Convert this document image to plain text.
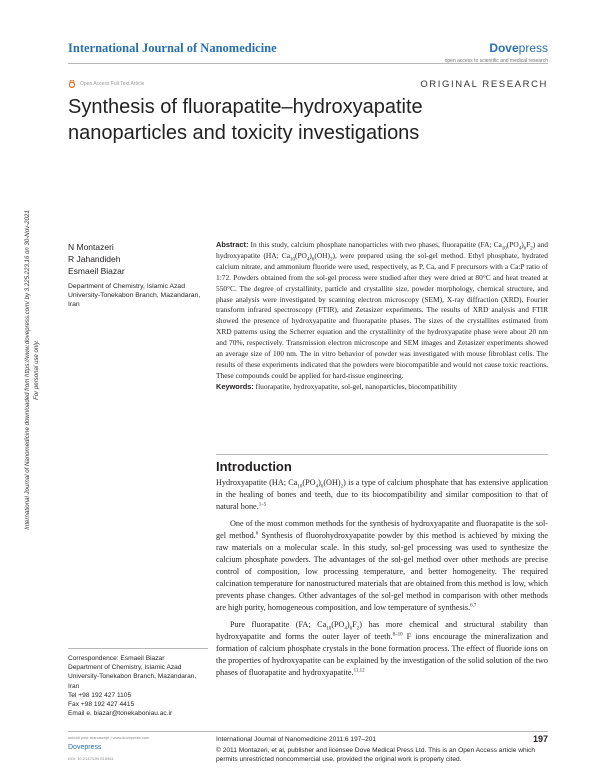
International Journal of Nanomedicine	Dovepress
open access to scientific and medical research
Open Access Full Text Article	ORIGINAL RESEARCH
Synthesis of fluorapatite–hydroxyapatite nanoparticles and toxicity investigations
International Journal of Nanomedicine downloaded from https://www.dovepress.com/ by 3.225.223.16 on 30-Nov-2021 For personal use only.
N Montazeri
R Jahandideh
Esmaeil Biazar
Department of Chemistry, Islamic Azad University-Tonekabon Branch, Mazandaran, Iran
Abstract: In this study, calcium phosphate nanoparticles with two phases, fluorapatite (FA; $Ca_{10}(PO_4)_6F_2$) and hydroxyapatite (HA; $Ca_{10}(PO_4)_6(OH)_2$), were prepared using the sol-gel method. Ethyl phosphate, hydrated calcium nitrate, and ammonium fluoride were used, respectively, as P, Ca, and F precursors with a Ca:P ratio of 1:72. Powders obtained from the sol-gel process were studied after they were dried at 80°C and heat treated at 550°C. The degree of crystallinity, particle and crystallite size, powder morphology, chemical structure, and phase analysis were investigated by scanning electron microscopy (SEM), X-ray diffraction (XRD), Fourier transform infrared spectroscopy (FTIR), and Zetasizer experiments. The results of XRD analysis and FTIR showed the presence of hydroxyapatite and fluorapatite phases. The sizes of the crystallites estimated from XRD patterns using the Scherrer equation and the crystallinity of the hydroxyapatite phase were about 20 nm and 70%, respectively. Transmission electron microscope and SEM images and Zetasizer experiments showed an average size of 100 nm. The in vitro behavior of powder was investigated with mouse fibroblast cells. The results of these experiments indicated that the powders were biocompatible and would not cause toxic reactions. These compounds could be applied for hard-tissue engineering.
Keywords: fluorapatite, hydroxyapatite, sol-gel, nanoparticles, biocompatibility
Introduction

Hydroxyapatite (HA; $Ca_{10}(PO_4)_6(OH)_2$) is a type of calcium phosphate that has extensive application in the healing of bones and teeth, due to its biocompatibility and similar composition to that of natural bone.$^{1-5}$

One of the most common methods for the synthesis of hydroxyapatite and fluorapatite is the sol-gel method.$^6$ Synthesis of fluorohydroxyapatite powder by this method is achieved by mixing the raw materials on a molecular scale. In this study, sol-gel processing was used to synthesize the calcium phosphate powders. The advantages of the sol-gel method over other methods are precise control of composition, low processing temperature, and better homogeneity. The required calcination temperature for nanostructured materials that are obtained from this method is low, which prevents phase changes. Other advantages of the sol-gel method in comparison with other methods are high purity, homogeneous composition, and low temperature of synthesis.$^{6,7}$

Pure fluorapatite (FA; $Ca_{10}(PO_4)_6F_2$) has more chemical and structural stability than hydroxyapatite and forms the outer layer of teeth.$^{8-10}$ F ions encourage the mineralization and formation of calcium phosphate crystals in the bone formation process. The effect of fluoride ions on the properties of hydroxyapatite can be explained by the investigation of the solid solution of the two phases of fluorapatite and hydroxyapatite.$^{11,12}$

Correspondence: Esmaeil Biazar
Department of Chemistry, Islamic Azad University-Tonekabon Branch, Mazandaran, Iran
Tel +98 192 427 1105
Fax +98 192 427 4415
Email e. biazar@tonekaboniau.ac.ir
submit your manuscript | www.dovepress.com
Dovepress
DOI: 10.2147/IJN.S15461
International Journal of Nanomedicine 2011:6 197–201	197
© 2011 Montazeri, et al, publisher and licensee Dove Medical Press Ltd. This is an Open Access article which permits unrestricted noncommercial use, provided the original work is properly cited.
